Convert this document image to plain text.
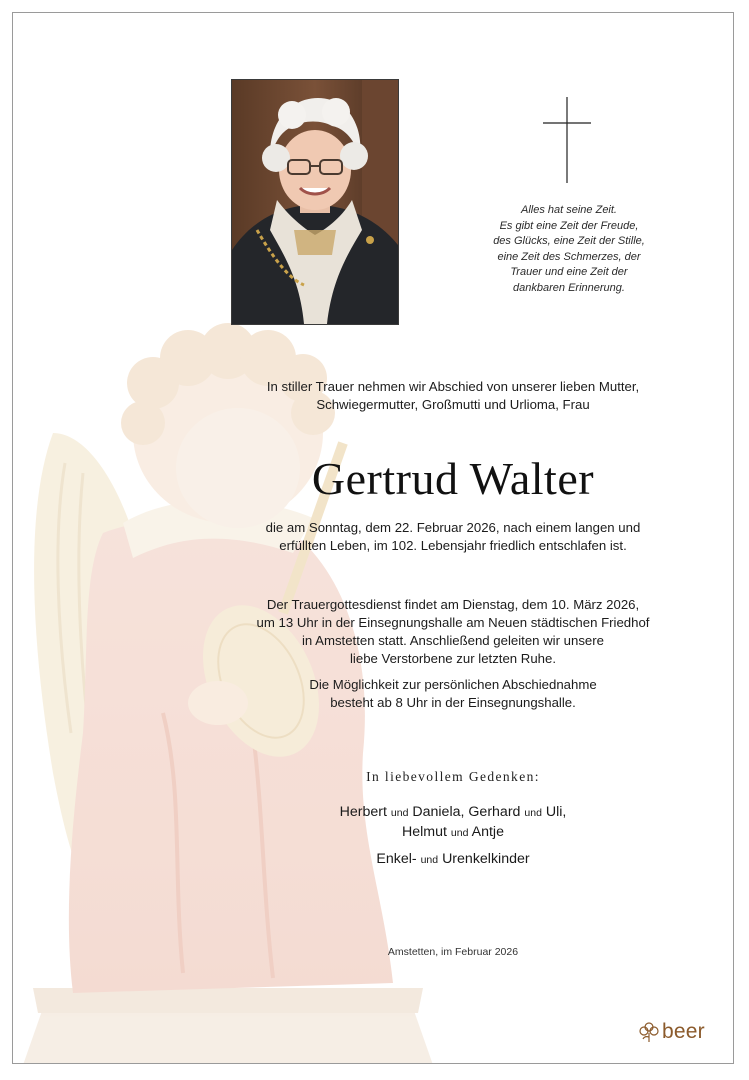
Alles hat seine Zeit.
Es gibt eine Zeit der Freude,
des Glücks, eine Zeit der Stille,
eine Zeit des Schmerzes, der
Trauer und eine Zeit der
dankbaren Erinnerung.
In stiller Trauer nehmen wir Abschied von unserer lieben Mutter,
Schwiegermutter, Großmutti und Urlioma, Frau
Gertrud Walter
die am Sonntag, dem 22. Februar 2026, nach einem langen und
erfüllten Leben, im 102. Lebensjahr friedlich entschlafen ist.
Der Trauergottesdienst findet am Dienstag, dem 10. März 2026,
um 13 Uhr in der Einsegnungshalle am Neuen städtischen Friedhof
in Amstetten statt. Anschließend geleiten wir unsere
liebe Verstorbene zur letzten Ruhe.
Die Möglichkeit zur persönlichen Abschiednahme
besteht ab 8 Uhr in der Einsegnungshalle.
In liebevollem Gedenken:
Herbert und Daniela, Gerhard und Uli,
Helmut und Antje
Enkel- und Urenkelkinder
Amstetten, im Februar 2026
beer
